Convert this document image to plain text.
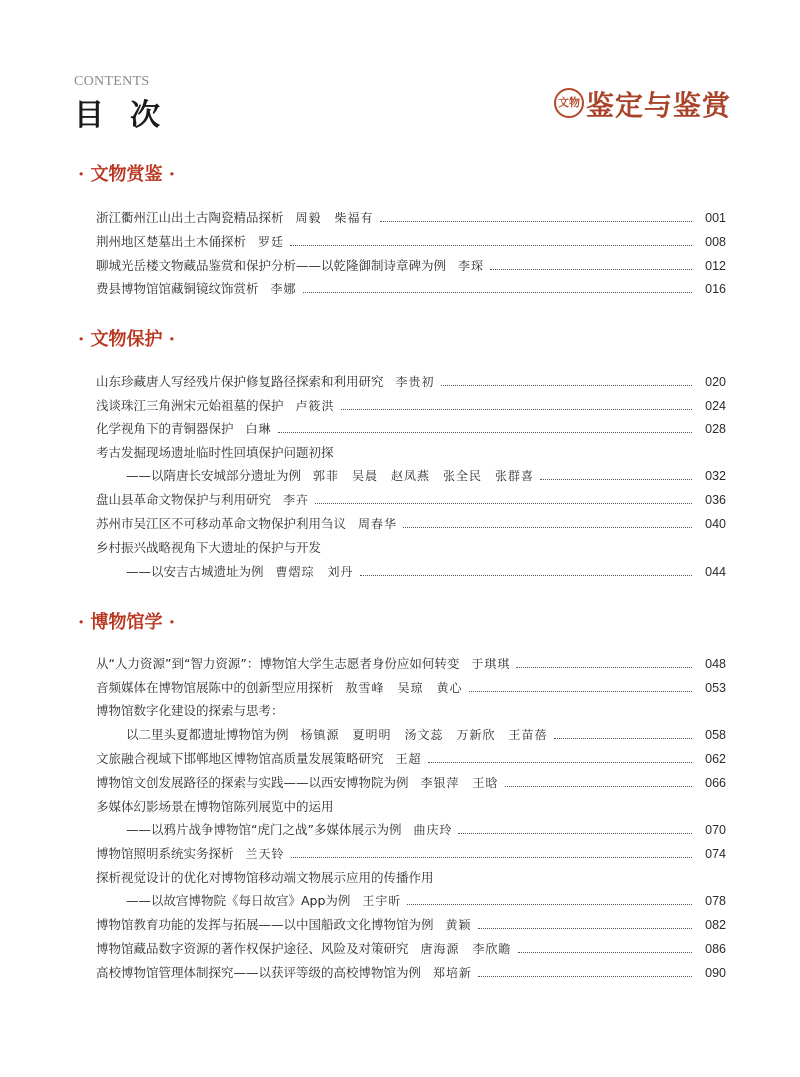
CONTENTS
目次	文物 鉴定与鉴赏
· 文物赏鉴 ·
浙江衢州江山出土古陶瓷精品探析 周毅　柴福有	001
荆州地区楚墓出土木俑探析 罗廷	008
聊城光岳楼文物藏品鉴赏和保护分析——以乾隆御制诗章碑为例 李琛	012
费县博物馆馆藏铜镜纹饰赏析 李娜	016
· 文物保护 ·
山东珍藏唐人写经残片保护修复路径探索和利用研究 李贵初	020
浅谈珠江三角洲宋元始祖墓的保护 卢筱洪	024
化学视角下的青铜器保护 白琳	028
考古发掘现场遗址临时性回填保护问题初探
——以隋唐长安城部分遗址为例 郭菲　吴晨　赵凤燕　张全民　张群喜	032
盘山县革命文物保护与利用研究 李卉	036
苏州市吴江区不可移动革命文物保护利用刍议 周春华	040
乡村振兴战略视角下大遗址的保护与开发
——以安吉古城遗址为例 曹熠琮　刘丹	044
· 博物馆学 ·
从“人力资源”到“智力资源”：博物馆大学生志愿者身份应如何转变 于琪琪	048
音频媒体在博物馆展陈中的创新型应用探析 敖雪峰　吴琼　黄心	053
博物馆数字化建设的探索与思考：
以二里头夏都遗址博物馆为例 杨镇源　夏明明　汤文蕊　万新欣　王苗蓓	058
文旅融合视域下邯郸地区博物馆高质量发展策略研究 王超	062
博物馆文创发展路径的探索与实践——以西安博物院为例 李银萍　王晗	066
多媒体幻影场景在博物馆陈列展览中的运用
——以鸦片战争博物馆“虎门之战”多媒体展示为例 曲庆玲	070
博物馆照明系统实务探析 兰天铃	074
探析视觉设计的优化对博物馆移动端文物展示应用的传播作用
——以故宫博物院《每日故宫》App为例 王宇昕	078
博物馆教育功能的发挥与拓展——以中国船政文化博物馆为例 黄颖	082
博物馆藏品数字资源的著作权保护途径、风险及对策研究 唐海源　李欣瞻	086
高校博物馆管理体制探究——以获评等级的高校博物馆为例 郑培新	090
